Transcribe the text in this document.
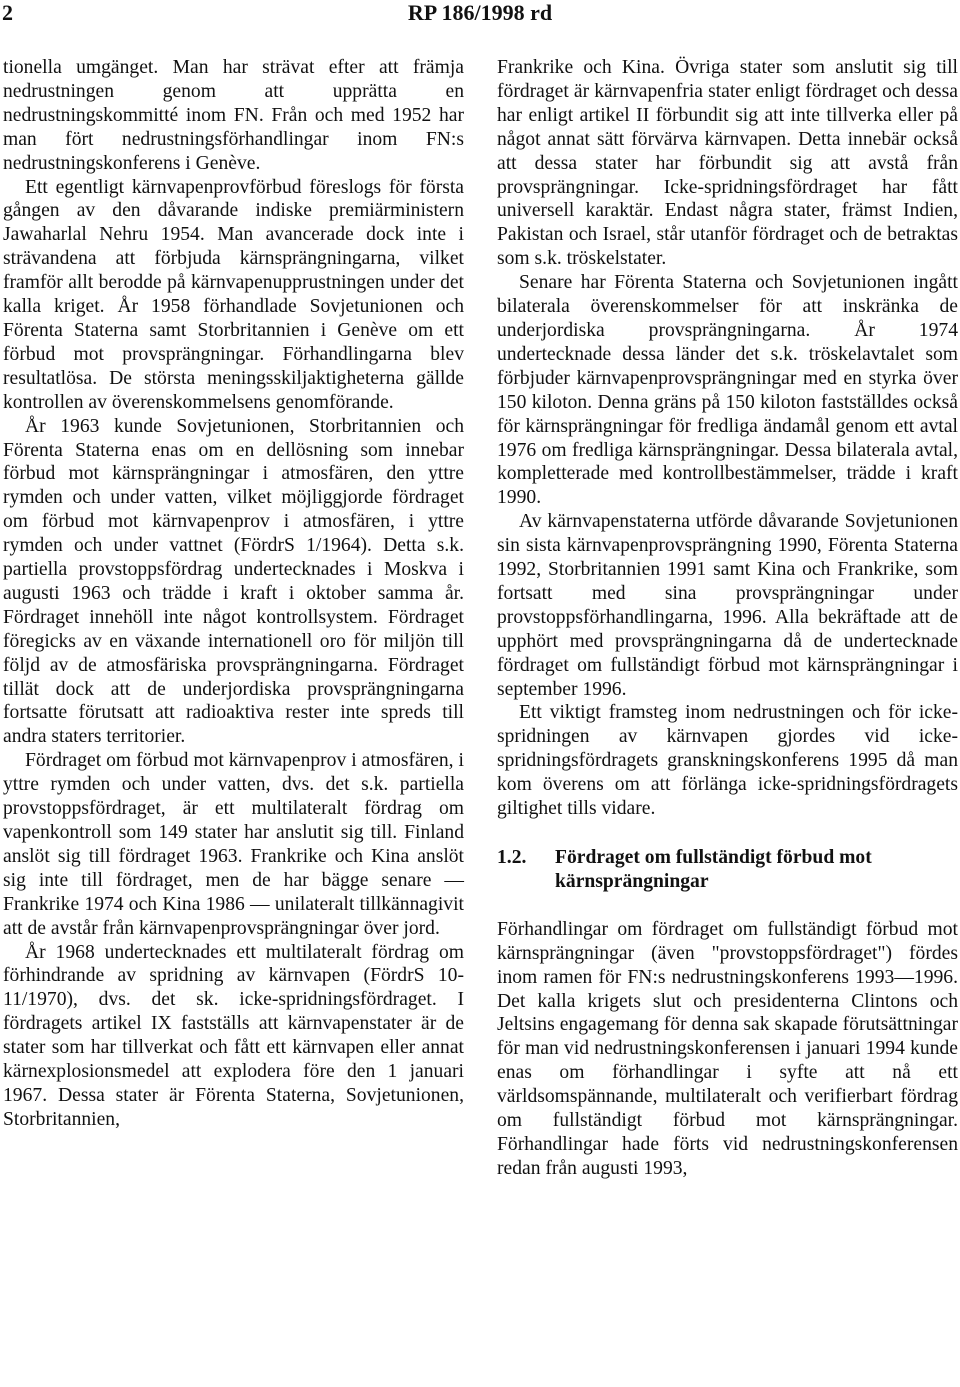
2	RP 186/1998 rd

tionella umgänget. Man har strävat efter att främja nedrustningen genom att upprätta en nedrustningskommitté inom FN. Från och med 1952 har man fört nedrustningsförhandlingar inom FN:s nedrustningskonferens i Genève.

Ett egentligt kärnvapenprovförbud föreslogs för första gången av den dåvarande indiske premiärministern Jawaharlal Nehru 1954. Man avancerade dock inte i strävandena att förbjuda kärnsprängningarna, vilket framför allt berodde på kärnvapenupprustningen under det kalla kriget. År 1958 förhandlade Sovjetunionen och Förenta Staterna samt Storbritannien i Genève om ett förbud mot provsprängningar. Förhandlingarna blev resultatlösa. De största meningsskiljaktigheterna gällde kontrollen av överenskommelsens genomförande.

År 1963 kunde Sovjetunionen, Storbritannien och Förenta Staterna enas om en dellösning som innebar förbud mot kärnsprängningar i atmosfären, den yttre rymden och under vatten, vilket möjliggjorde fördraget om förbud mot kärnvapenprov i atmosfären, i yttre rymden och under vattnet (FördrS 1/1964). Detta s.k. partiella provstoppsfördrag undertecknades i Moskva i augusti 1963 och trädde i kraft i oktober samma år. Fördraget innehöll inte något kontrollsystem. Fördraget föregicks av en växande internationell oro för miljön till följd av de atmosfäriska provsprängningarna. Fördraget tillät dock att de underjordiska provsprängningarna fortsatte förutsatt att radioaktiva rester inte spreds till andra staters territorier.

Fördraget om förbud mot kärnvapenprov i atmosfären, i yttre rymden och under vatten, dvs. det s.k. partiella provstoppsfördraget, är ett multilateralt fördrag om vapenkontroll som 149 stater har anslutit sig till. Finland anslöt sig till fördraget 1963. Frankrike och Kina anslöt sig inte till fördraget, men de har bägge senare — Frankrike 1974 och Kina 1986 — unilateralt tillkännagivit att de avstår från kärnvapenprovsprängningar över jord.

År 1968 undertecknades ett multilateralt fördrag om förhindrande av spridning av kärnvapen (FördrS 10-11/1970), dvs. det sk. icke-spridningsfördraget. I fördragets artikel IX fastställs att kärnvapenstater är de stater som har tillverkat och fått ett kärnvapen eller annat kärnexplosionsmedel att explodera före den 1 januari 1967. Dessa stater är Förenta Staterna, Sovjetunionen, Storbritannien,

Frankrike och Kina. Övriga stater som anslutit sig till fördraget är kärnvapenfria stater enligt fördraget och dessa har enligt artikel II förbundit sig att inte tillverka eller på något annat sätt förvärva kärnvapen. Detta innebär också att dessa stater har förbundit sig att avstå från provsprängningar. Icke-spridningsfördraget har fått universell karaktär. Endast några stater, främst Indien, Pakistan och Israel, står utanför fördraget och de betraktas som s.k. tröskelstater.

Senare har Förenta Staterna och Sovjetunionen ingått bilaterala överenskommelser för att inskränka de underjordiska provsprängningarna. År 1974 undertecknade dessa länder det s.k. tröskelavtalet som förbjuder kärnvapenprovsprängningar med en styrka över 150 kiloton. Denna gräns på 150 kiloton fastställdes också för kärnsprängningar för fredliga ändamål genom ett avtal 1976 om fredliga kärnsprängningar. Dessa bilaterala avtal, kompletterade med kontrollbestämmelser, trädde i kraft 1990.

Av kärnvapenstaterna utförde dåvarande Sovjetunionen sin sista kärnvapenprovsprängning 1990, Förenta Staterna 1992, Storbritannien 1991 samt Kina och Frankrike, som fortsatt med sina provsprängningar under provstoppsförhandlingarna, 1996. Alla bekräftade att de upphört med provsprängningarna då de undertecknade fördraget om fullständigt förbud mot kärnsprängningar i september 1996.

Ett viktigt framsteg inom nedrustningen och för icke-spridningen av kärnvapen gjordes vid icke-spridningsfördragets granskningskonferens 1995 då man kom överens om att förlänga icke-spridningsfördragets giltighet tills vidare.

1.2.	Fördraget om fullständigt förbud mot kärnsprängningar

Förhandlingar om fördraget om fullständigt förbud mot kärnsprängningar (även "provstoppsfördraget") fördes inom ramen för FN:s nedrustningskonferens 1993—1996. Det kalla krigets slut och presidenterna Clintons och Jeltsins engagemang för denna sak skapade förutsättningar för man vid nedrustningskonferensen i januari 1994 kunde enas om förhandlingar i syfte att nå ett världsomspännande, multilateralt och verifierbart fördrag om fullständigt förbud mot kärnsprängningar. Förhandlingar hade förts vid nedrustningskonferensen redan från augusti 1993,
